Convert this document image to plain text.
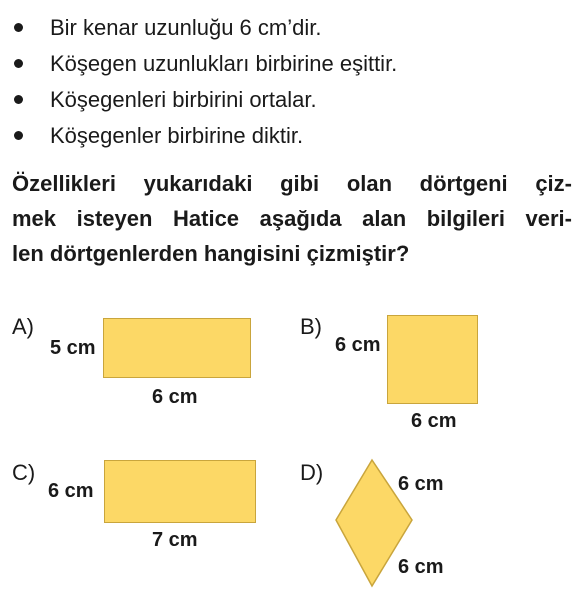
Bir kenar uzunluğu 6 cm’dir.
Köşegen uzunlukları birbirine eşittir.
Köşegenleri birbirini ortalar.
Köşegenler birbirine diktir.
Özellikleri yukarıdaki gibi olan dörtgeni çiz-
mek isteyen Hatice aşağıda alan bilgileri veri-
len dörtgenlerden hangisini çizmiştir?
A)
5 cm
6 cm
B)
6 cm
6 cm
C)
6 cm
7 cm
D)	6 cm
6 cm
